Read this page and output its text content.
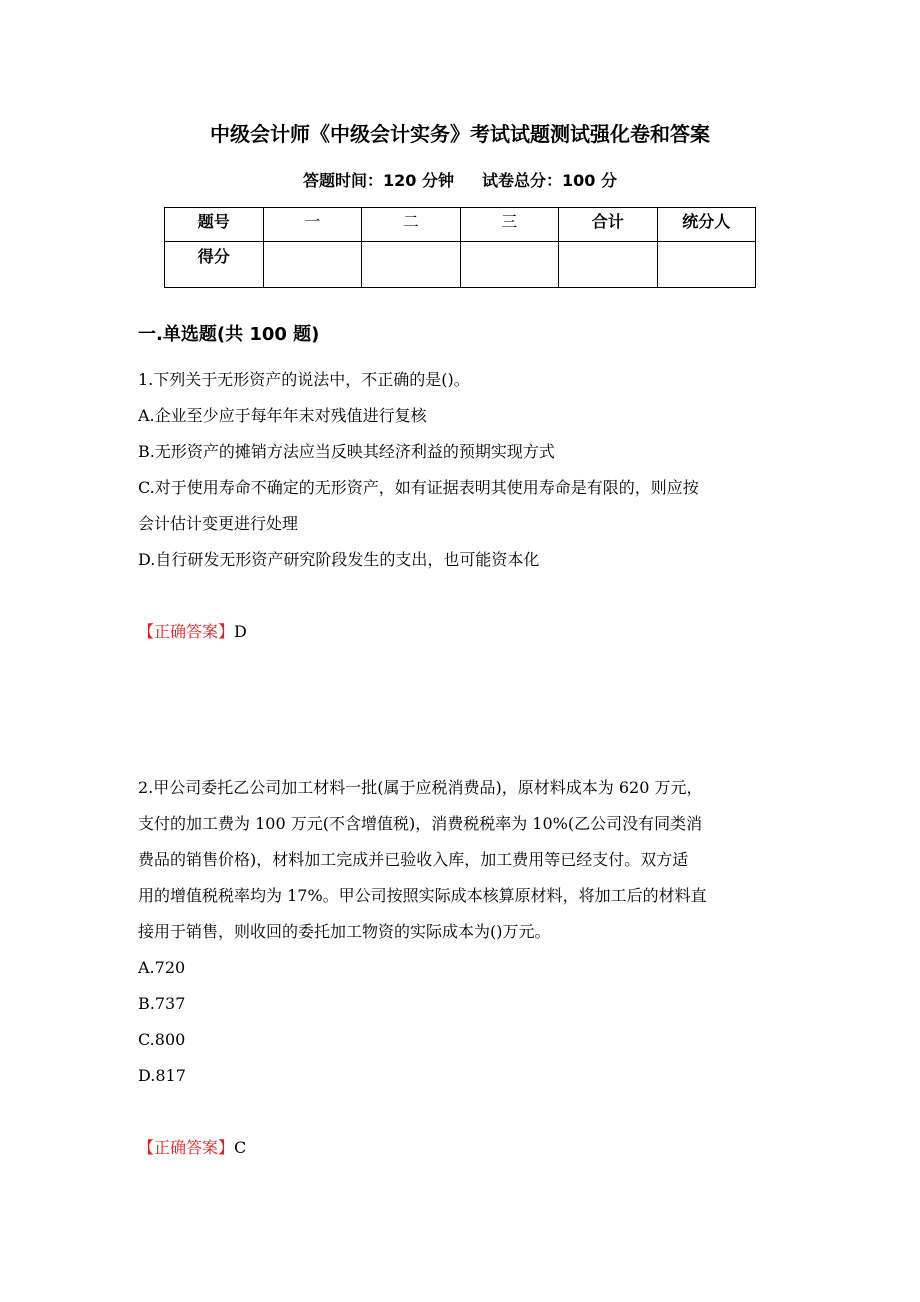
中级会计师《中级会计实务》考试试题测试强化卷和答案
答题时间：120 分钟 试卷总分：100 分
题号	一	二	三	合计	统分人
得分					
一.单选题(共 100 题)
1.下列关于无形资产的说法中，不正确的是()。
A.企业至少应于每年年末对残值进行复核
B.无形资产的摊销方法应当反映其经济利益的预期实现方式
C.对于使用寿命不确定的无形资产，如有证据表明其使用寿命是有限的，则应按
会计估计变更进行处理
D.自行研发无形资产研究阶段发生的支出，也可能资本化
【正确答案】D
2.甲公司委托乙公司加工材料一批(属于应税消费品)，原材料成本为 620 万元，
支付的加工费为 100 万元(不含增值税)，消费税税率为 10%(乙公司没有同类消
费品的销售价格)，材料加工完成并已验收入库，加工费用等已经支付。双方适
用的增值税税率均为 17%。甲公司按照实际成本核算原材料，将加工后的材料直
接用于销售，则收回的委托加工物资的实际成本为()万元。
A.720
B.737
C.800
D.817
【正确答案】C
